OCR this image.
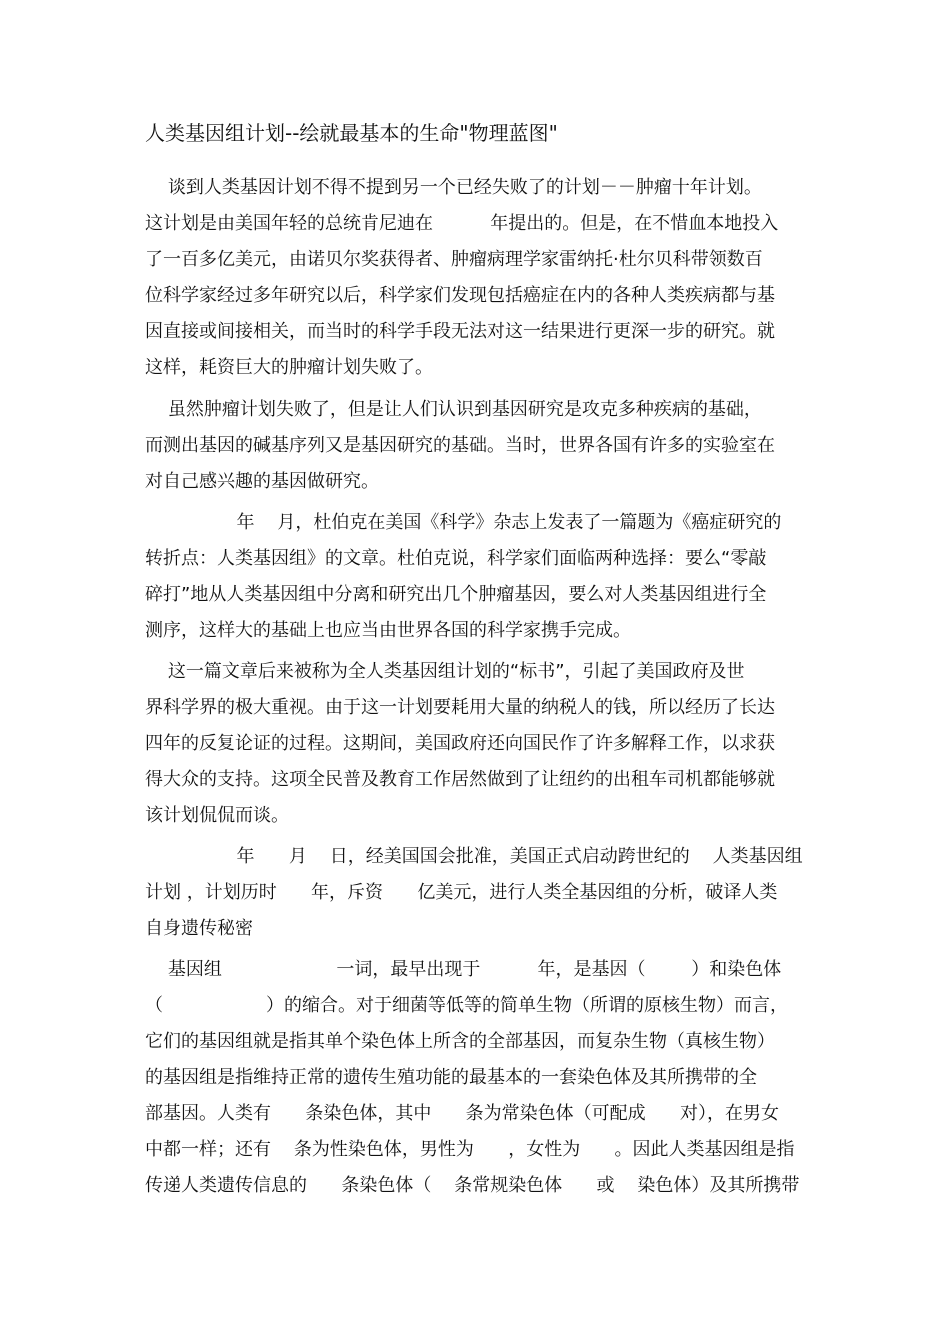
人类基因组计划--绘就最基本的生命"物理蓝图"
谈到人类基因计划不得不提到另一个已经失败了的计划－－肿瘤十年计划。
这计划是由美国年轻的总统肯尼迪在          年提出的。但是，在不惜血本地投入
了一百多亿美元，由诺贝尔奖获得者、肿瘤病理学家雷纳托·杜尔贝科带领数百
位科学家经过多年研究以后，科学家们发现包括癌症在内的各种人类疾病都与基
因直接或间接相关，而当时的科学手段无法对这一结果进行更深一步的研究。就
这样，耗资巨大的肿瘤计划失败了。
虽然肿瘤计划失败了，但是让人们认识到基因研究是攻克多种疾病的基础，
而测出基因的碱基序列又是基因研究的基础。当时，世界各国有许多的实验室在
对自己感兴趣的基因做研究。
年    月，杜伯克在美国《科学》杂志上发表了一篇题为《癌症研究的
转折点：人类基因组》的文章。杜伯克说，科学家们面临两种选择：要么“零敲
碎打”地从人类基因组中分离和研究出几个肿瘤基因，要么对人类基因组进行全
测序，这样大的基础上也应当由世界各国的科学家携手完成。
这一篇文章后来被称为全人类基因组计划的“标书”，引起了美国政府及世
界科学界的极大重视。由于这一计划要耗用大量的纳税人的钱，所以经历了长达
四年的反复论证的过程。这期间，美国政府还向国民作了许多解释工作，以求获
得大众的支持。这项全民普及教育工作居然做到了让纽约的出租车司机都能够就
该计划侃侃而谈。
年      月    日，经美国国会批准，美国正式启动跨世纪的    人类基因组
计划 ，计划历时      年，斥资      亿美元，进行人类全基因组的分析，破译人类
自身遗传秘密
基因组                    一词，最早出现于          年，是基因（        ）和染色体
（                  ）的缩合。对于细菌等低等的简单生物（所谓的原核生物）而言，
它们的基因组就是指其单个染色体上所含的全部基因，而复杂生物（真核生物）
的基因组是指维持正常的遗传生殖功能的最基本的一套染色体及其所携带的全
部基因。人类有      条染色体，其中      条为常染色体（可配成      对），在男女
中都一样；还有    条为性染色体，男性为      ，女性为      。因此人类基因组是指
传递人类遗传信息的      条染色体（    条常规染色体      或    染色体）及其所携带
